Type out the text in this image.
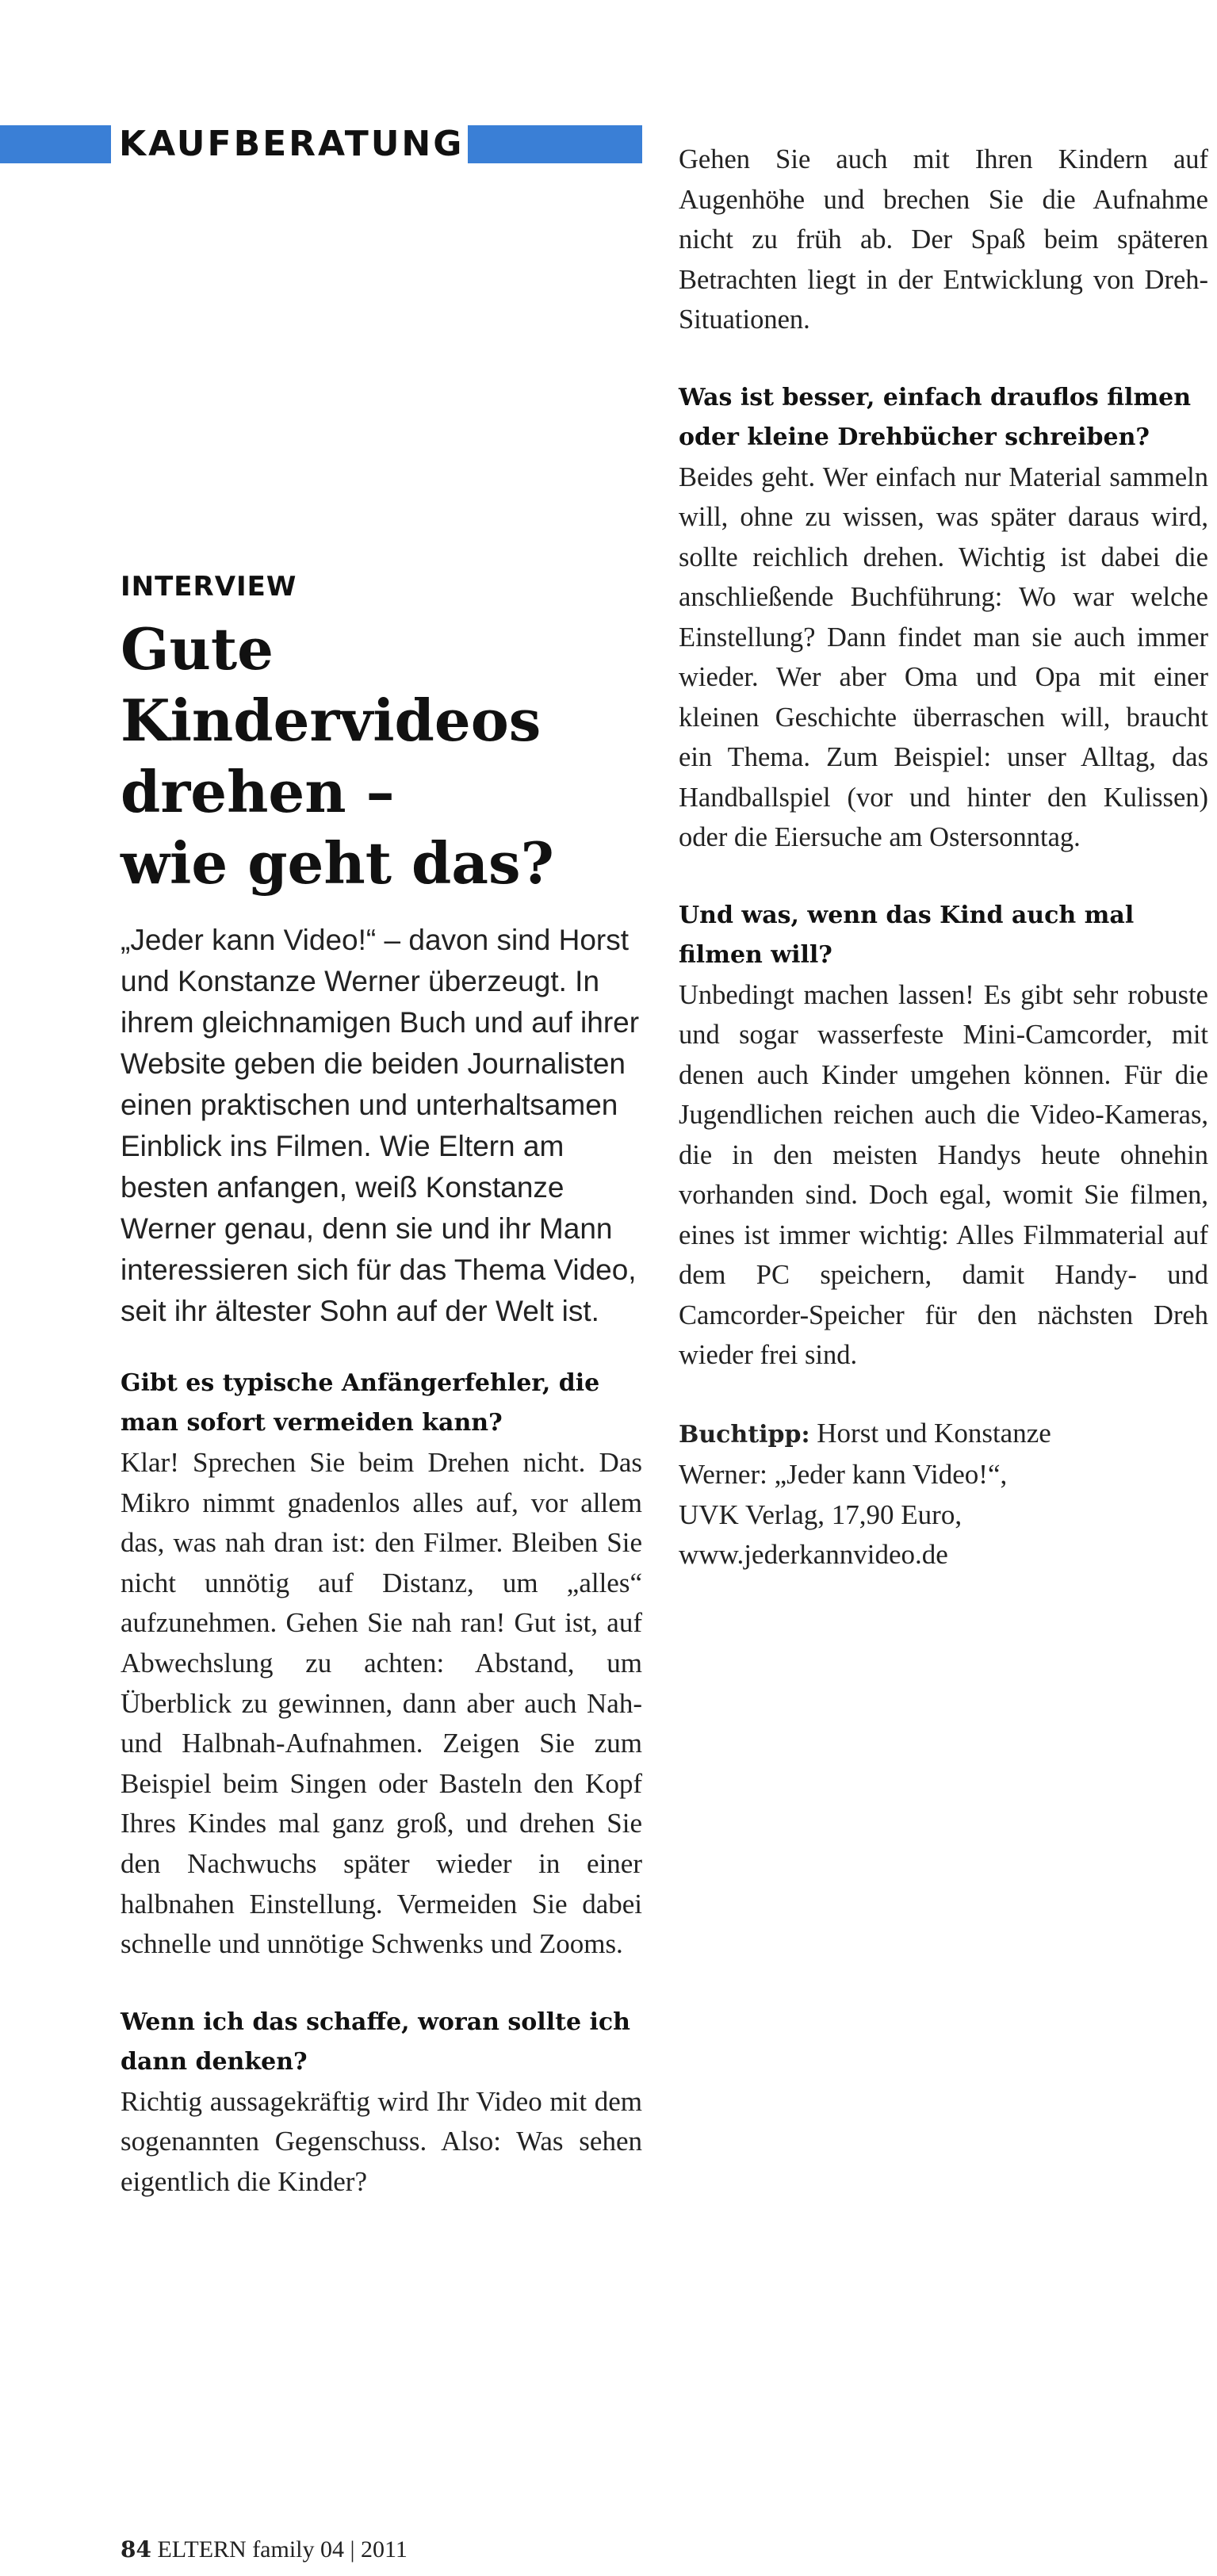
KAUFBERATUNG
INTERVIEW
Gute
Kindervideos
drehen –
wie geht das?

„Jeder kann Video!“ – davon sind Horst und Konstanze Werner überzeugt. In ihrem gleichnamigen Buch und auf ihrer Website geben die beiden Journalisten einen praktischen und unterhaltsamen Einblick ins Filmen. Wie Eltern am besten anfangen, weiß Konstanze Werner genau, denn sie und ihr Mann interessieren sich für das Thema Video, seit ihr ältester Sohn auf der Welt ist.

Gibt es typische Anfängerfehler, die man sofort vermeiden kann?

Klar! Sprechen Sie beim Drehen nicht. Das Mikro nimmt gnadenlos alles auf, vor allem das, was nah dran ist: den Filmer. Bleiben Sie nicht unnötig auf Distanz, um „alles“ aufzunehmen. Gehen Sie nah ran! Gut ist, auf Abwechslung zu achten: Abstand, um Überblick zu gewinnen, dann aber auch Nah- und Halbnah-Aufnahmen. Zeigen Sie zum Beispiel beim Singen oder Basteln den Kopf Ihres Kindes mal ganz groß, und drehen Sie den Nachwuchs später wieder in einer halbnahen Einstellung. Vermeiden Sie dabei schnelle und unnötige Schwenks und Zooms.

Wenn ich das schaffe, woran sollte ich dann denken?

Richtig aussagekräftig wird Ihr Video mit dem sogenannten Gegenschuss. Also: Was sehen eigentlich die Kinder?

Gehen Sie auch mit Ihren Kindern auf Augenhöhe und brechen Sie die Aufnahme nicht zu früh ab. Der Spaß beim späteren Betrachten liegt in der Entwicklung von Dreh-Situationen.

Was ist besser, einfach drauflos filmen oder kleine Drehbücher schreiben?

Beides geht. Wer einfach nur Material sammeln will, ohne zu wissen, was später daraus wird, sollte reichlich drehen. Wichtig ist dabei die anschließende Buchführung: Wo war welche Einstellung? Dann findet man sie auch immer wieder. Wer aber Oma und Opa mit einer kleinen Geschichte überraschen will, braucht ein Thema. Zum Beispiel: unser Alltag, das Handballspiel (vor und hinter den Kulissen) oder die Eiersuche am Ostersonntag.

Und was, wenn das Kind auch mal filmen will?

Unbedingt machen lassen! Es gibt sehr robuste und sogar wasserfeste Mini-Camcorder, mit denen auch Kinder umgehen können. Für die Jugendlichen reichen auch die Video-Kameras, die in den meisten Handys heute ohnehin vorhanden sind. Doch egal, womit Sie filmen, eines ist immer wichtig: Alles Filmmaterial auf dem PC speichern, damit Handy- und Camcorder-Speicher für den nächsten Dreh wieder frei sind.

Buchtipp: Horst und Konstanze
Werner: „Jeder kann Video!“,
UVK Verlag, 17,90 Euro,
www.jederkannvideo.de

84 ELTERN family 04 | 2011
